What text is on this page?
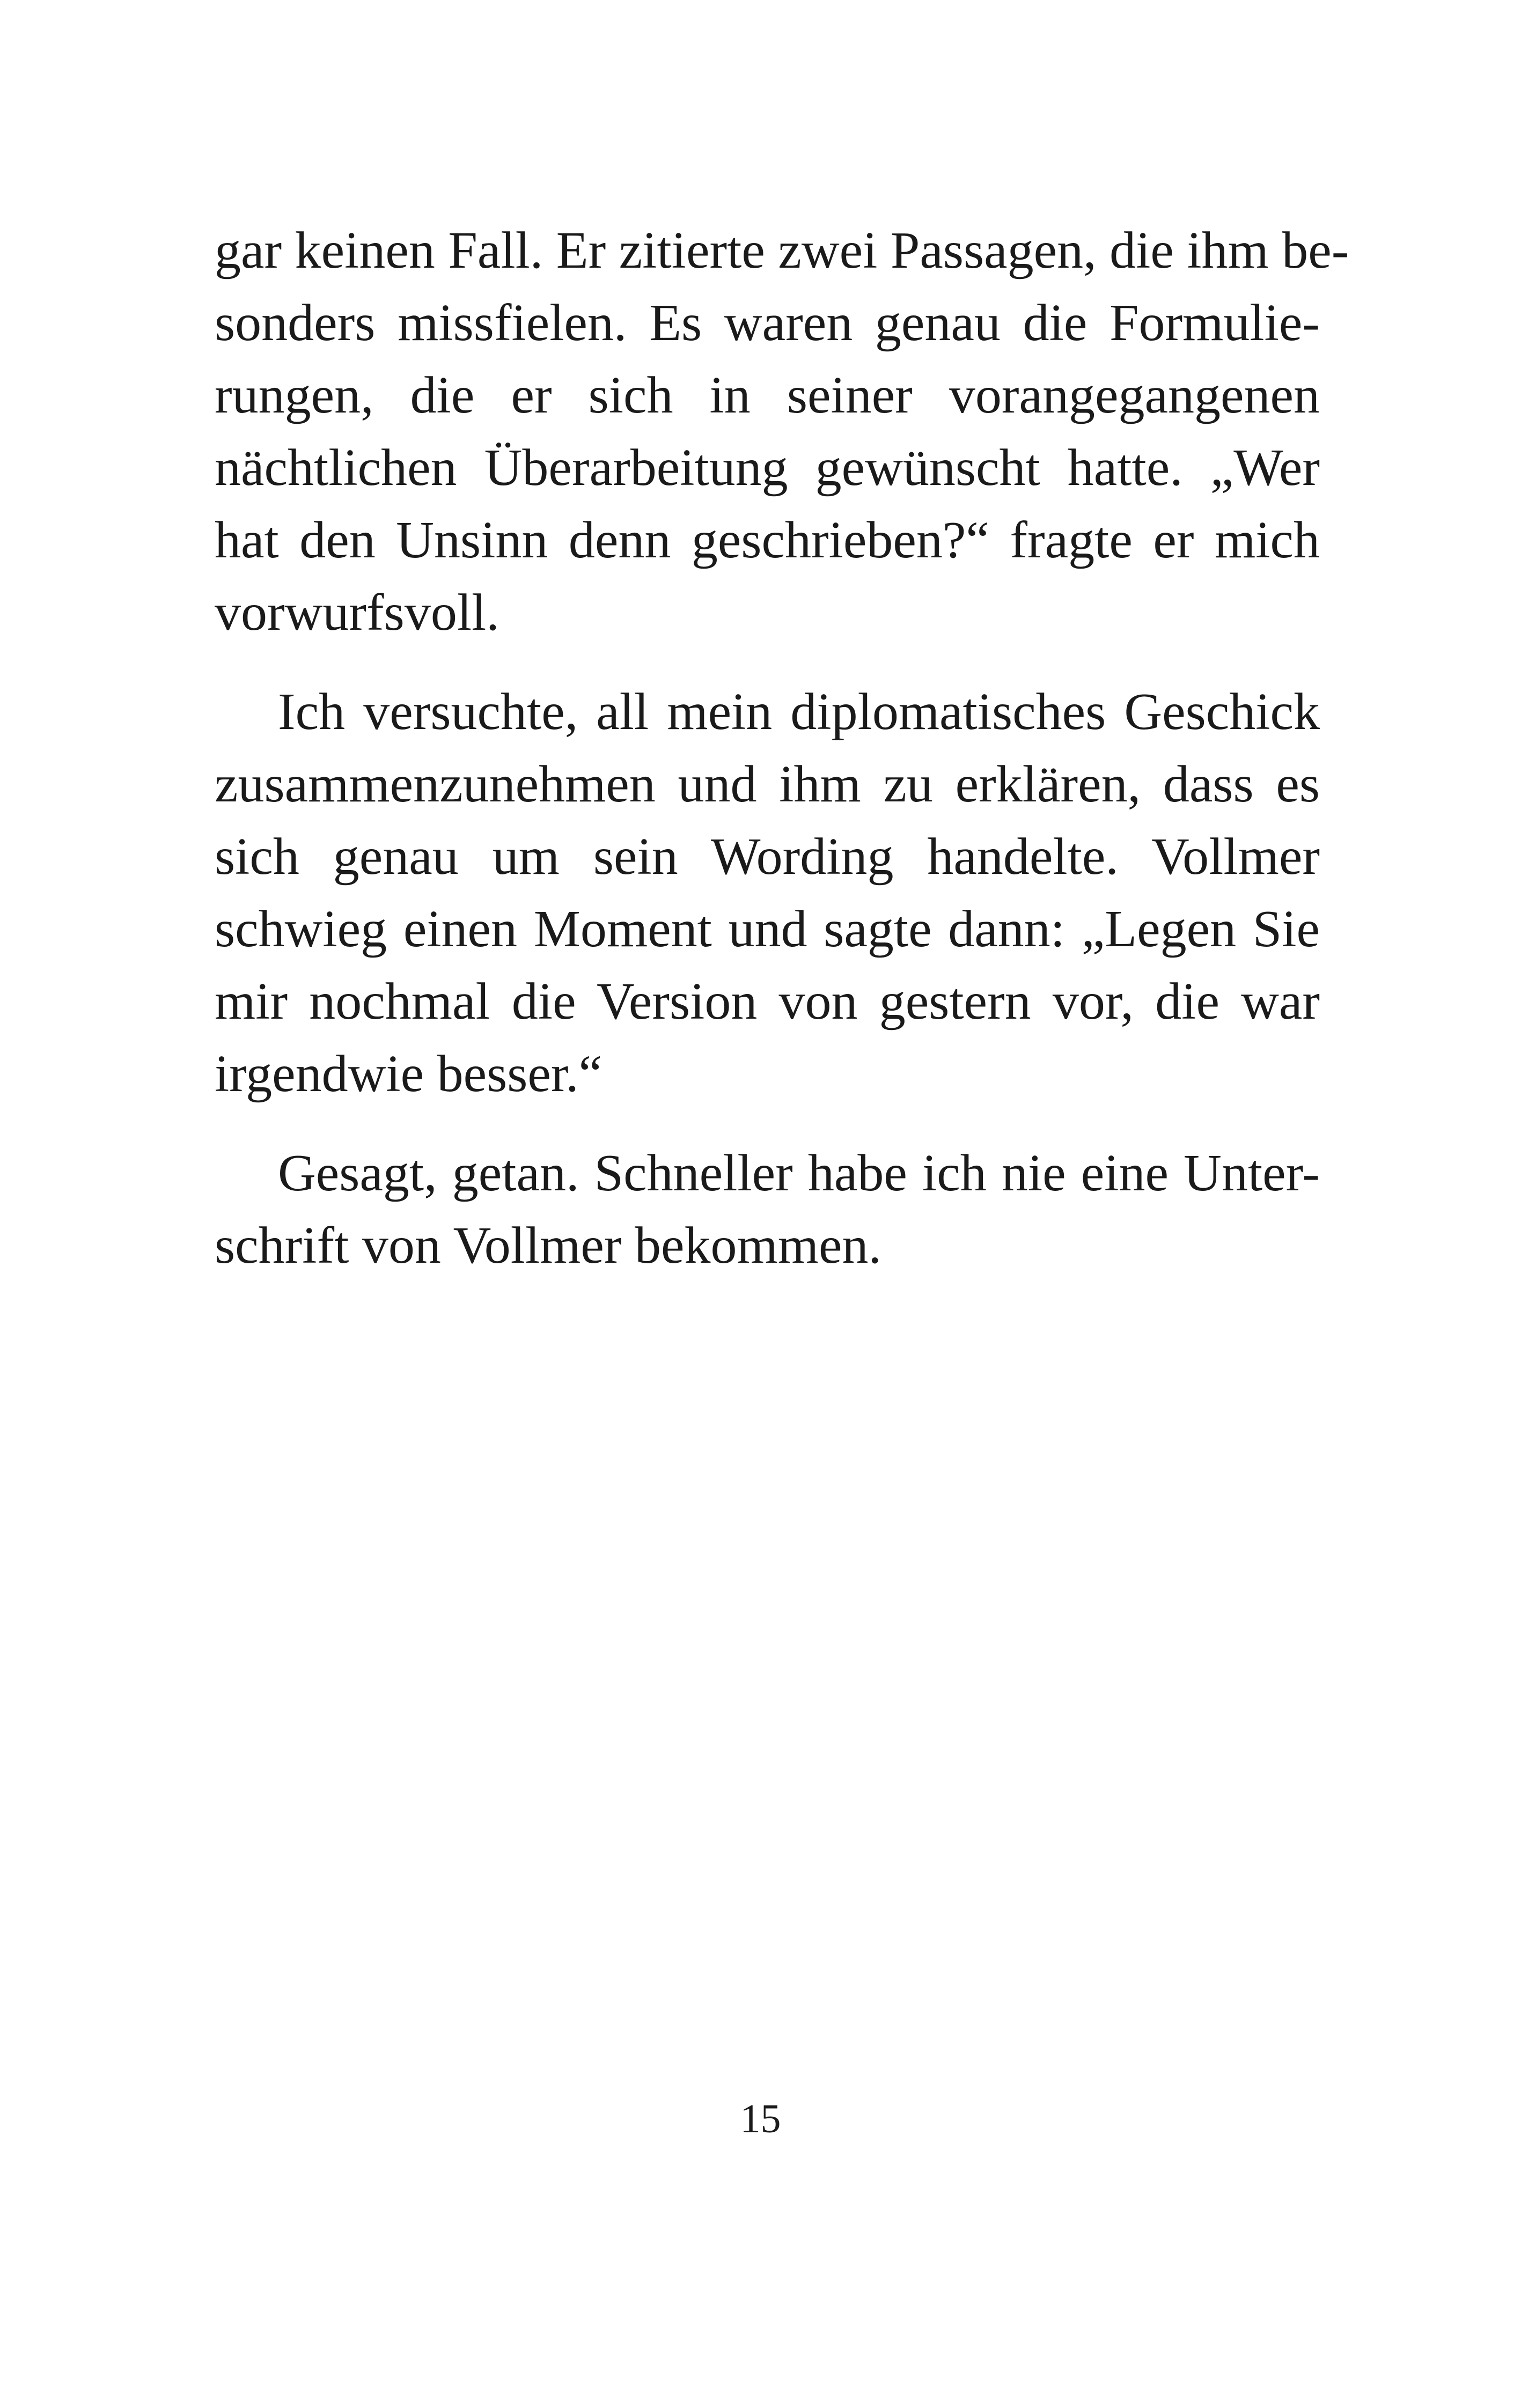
gar keinen Fall. Er zitierte zwei Passagen, die ihm be-
sonders missfielen. Es waren genau die Formulie-
rungen, die er sich in seiner vorangegangenen
nächtlichen Überarbeitung gewünscht hatte. „Wer
hat den Unsinn denn geschrieben?“ fragte er mich
vorwurfsvoll.

Ich versuchte, all mein diplomatisches Geschick
zusammenzunehmen und ihm zu erklären, dass es
sich genau um sein Wording handelte. Vollmer
schwieg einen Moment und sagte dann: „Legen Sie
mir nochmal die Version von gestern vor, die war
irgendwie besser.“

Gesagt, getan. Schneller habe ich nie eine Unter-
schrift von Vollmer bekommen.

15
